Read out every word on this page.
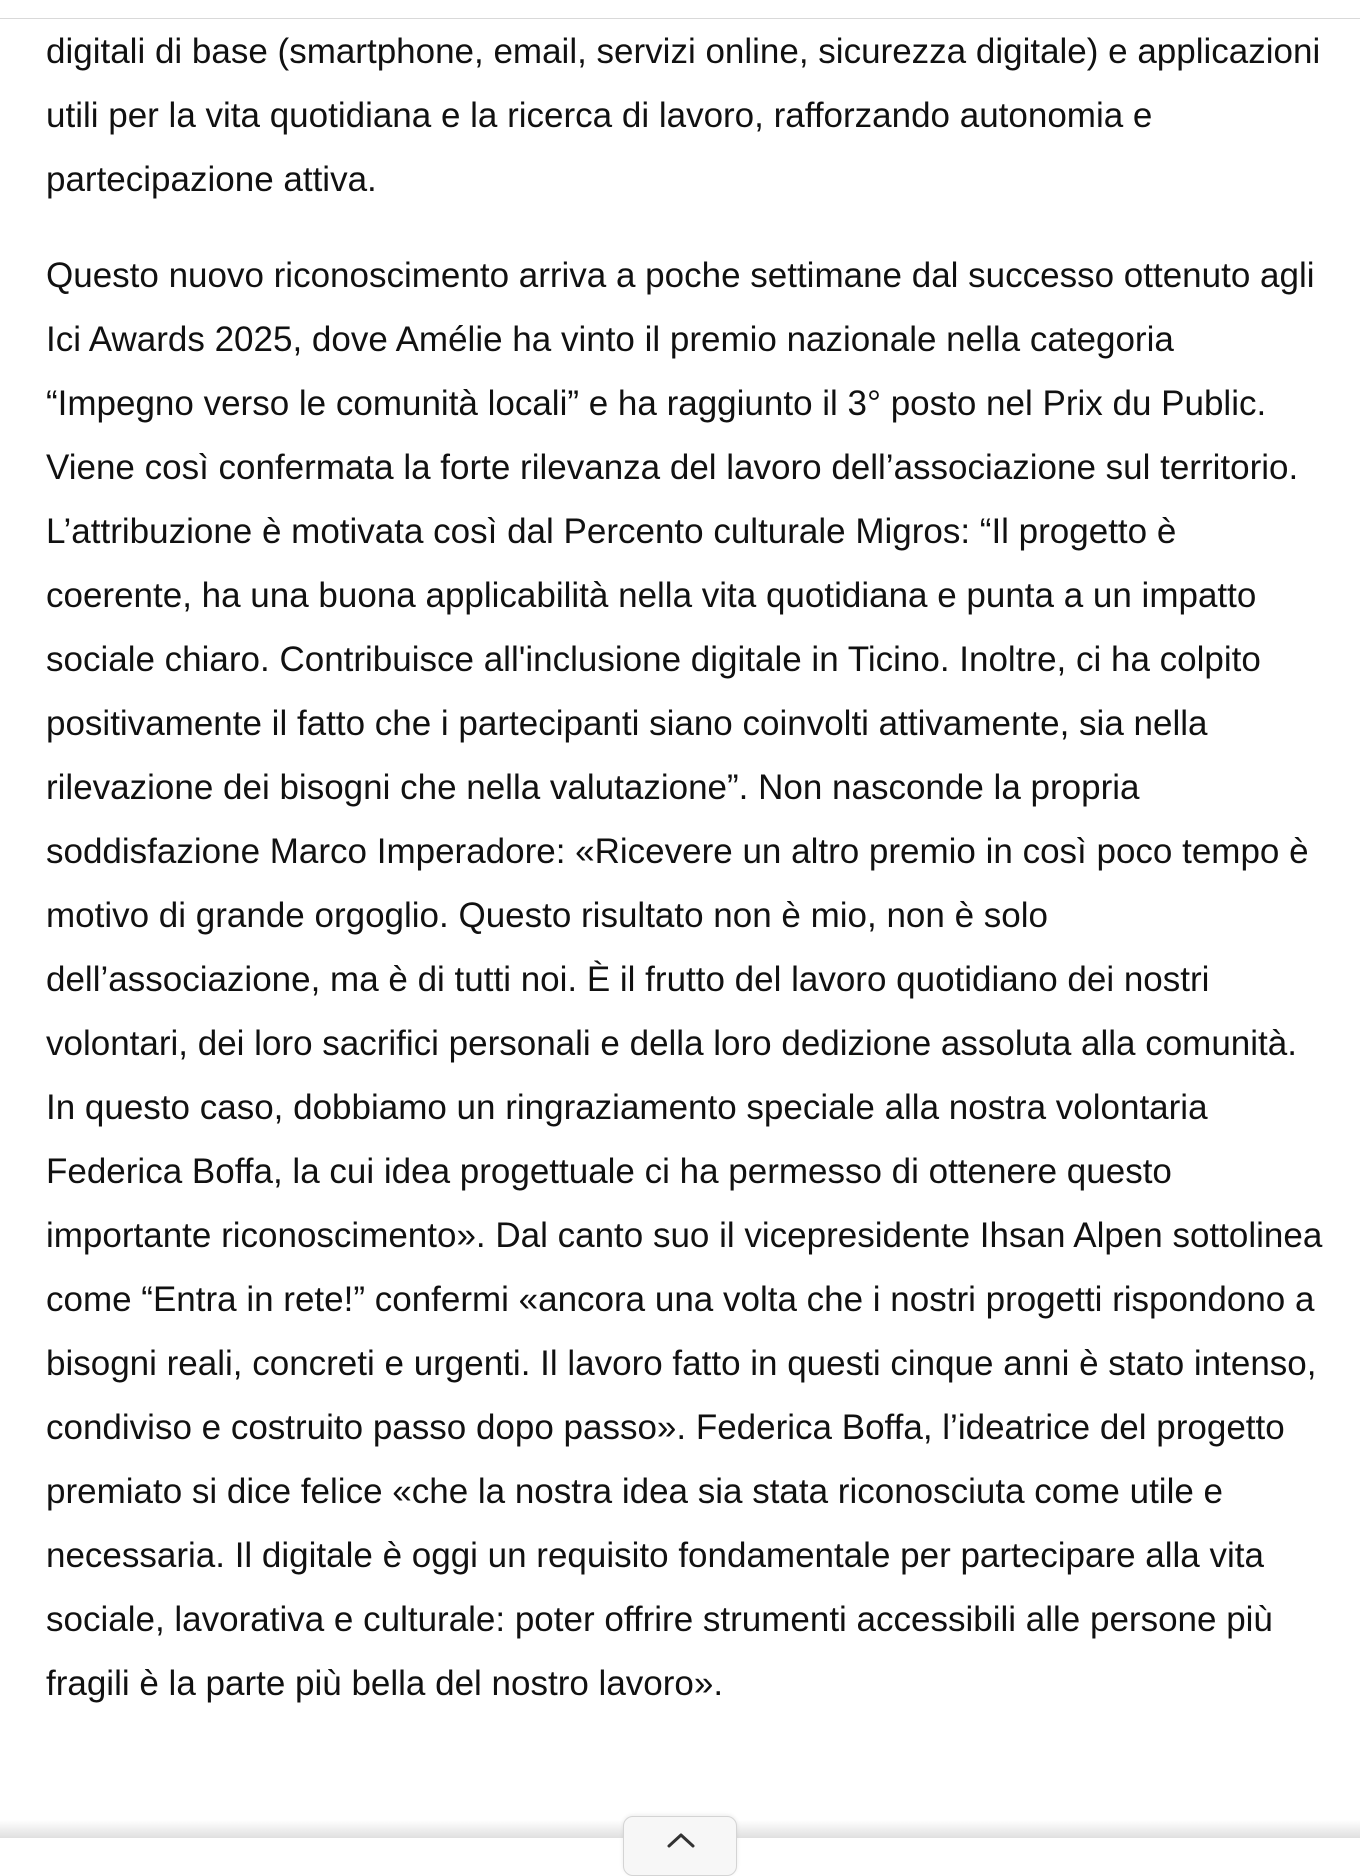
digitali di base (smartphone, email, servizi online, sicurezza digitale) e applicazioni utili per la vita quotidiana e la ricerca di lavoro, rafforzando autonomia e partecipazione attiva.

Questo nuovo riconoscimento arriva a poche settimane dal successo ottenuto agli Ici Awards 2025, dove Amélie ha vinto il premio nazionale nella categoria “Impegno verso le comunità locali” e ha raggiunto il 3° posto nel Prix du Public. Viene così confermata la forte rilevanza del lavoro dell’associazione sul territorio. L’attribuzione è motivata così dal Percento culturale Migros: “Il progetto è coerente, ha una buona applicabilità nella vita quotidiana e punta a un impatto sociale chiaro. Contribuisce all'inclusione digitale in Ticino. Inoltre, ci ha colpito positivamente il fatto che i partecipanti siano coinvolti attivamente, sia nella rilevazione dei bisogni che nella valutazione”. Non nasconde la propria soddisfazione Marco Imperadore: «Ricevere un altro premio in così poco tempo è motivo di grande orgoglio. Questo risultato non è mio, non è solo dell’associazione, ma è di tutti noi. È il frutto del lavoro quotidiano dei nostri volontari, dei loro sacrifici personali e della loro dedizione assoluta alla comunità. In questo caso, dobbiamo un ringraziamento speciale alla nostra volontaria Federica Boffa, la cui idea progettuale ci ha permesso di ottenere questo importante riconoscimento». Dal canto suo il vicepresidente Ihsan Alpen sottolinea come “Entra in rete!” confermi «ancora una volta che i nostri progetti rispondono a bisogni reali, concreti e urgenti. Il lavoro fatto in questi cinque anni è stato intenso, condiviso e costruito passo dopo passo». Federica Boffa, l’ideatrice del progetto premiato si dice felice «che la nostra idea sia stata riconosciuta come utile e necessaria. Il digitale è oggi un requisito fondamentale per partecipare alla vita sociale, lavorativa e culturale: poter offrire strumenti accessibili alle persone più fragili è la parte più bella del nostro lavoro».
